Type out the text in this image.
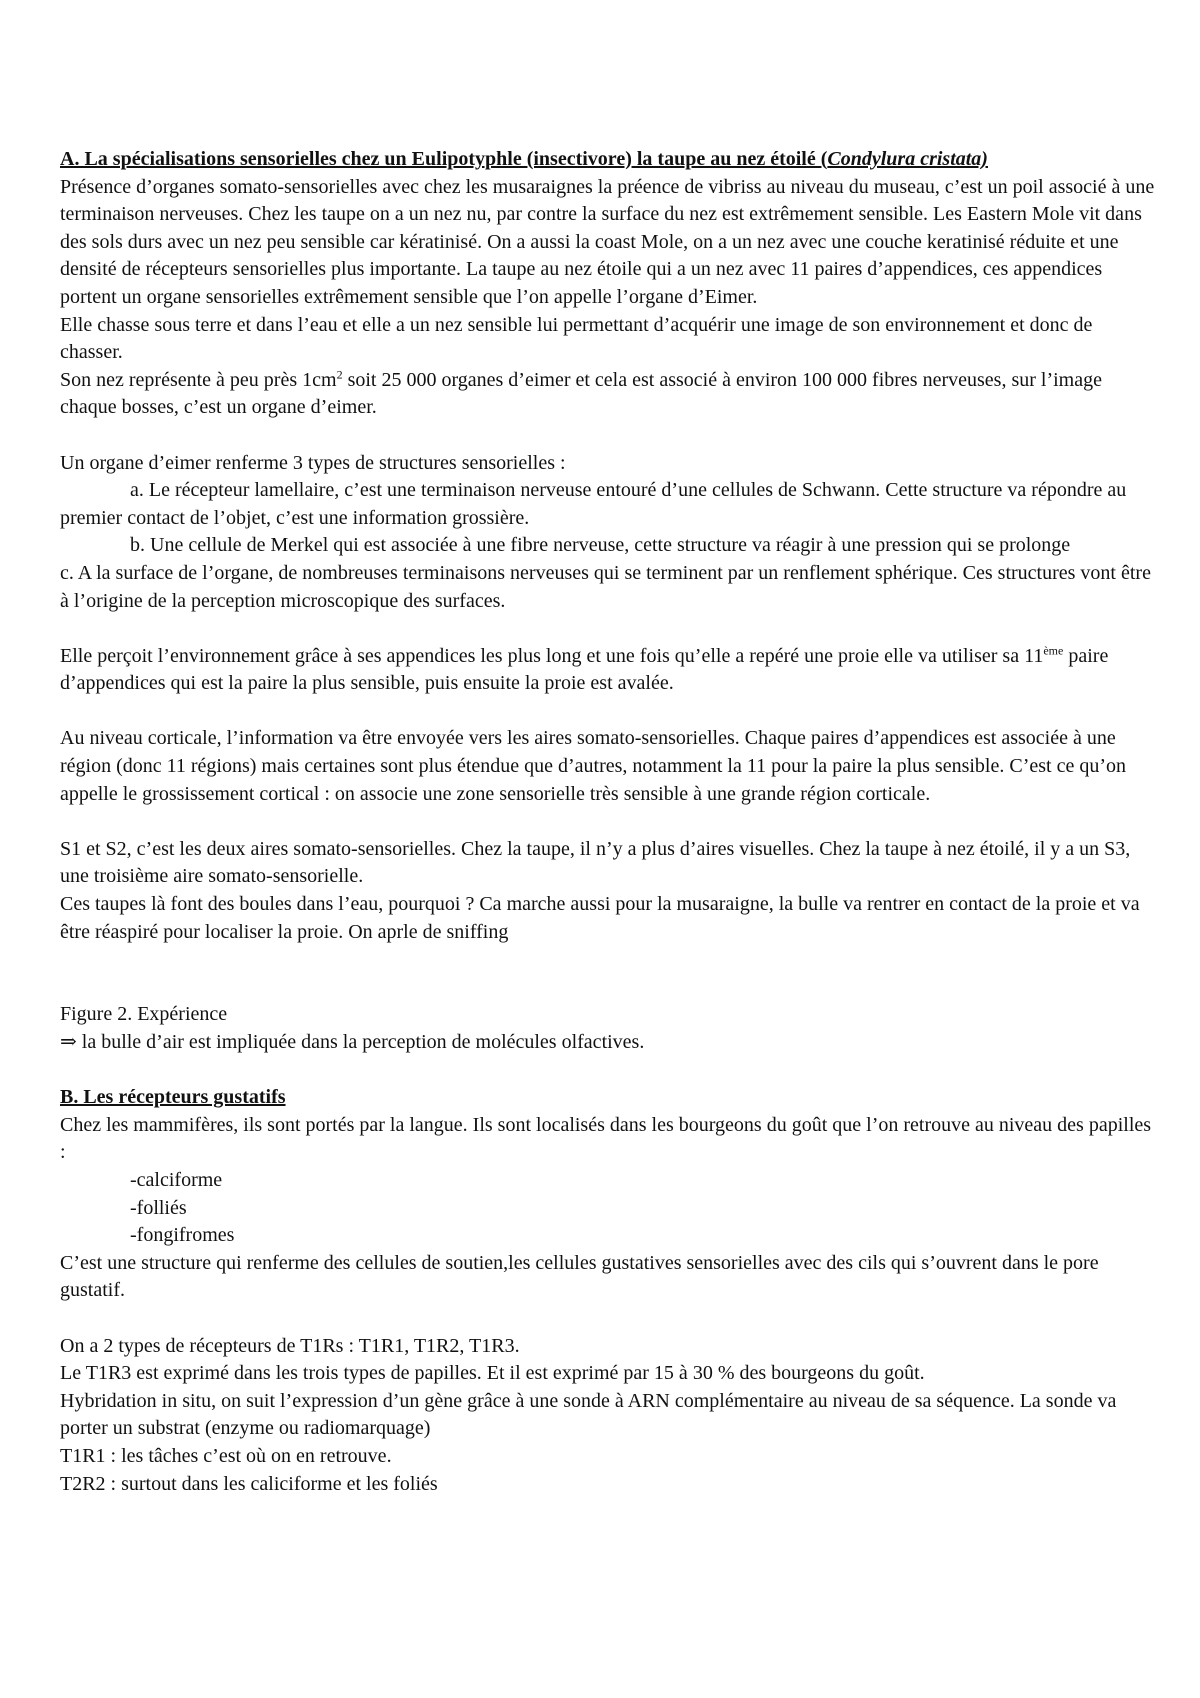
A. La spécialisations sensorielles chez un Eulipotyphle (insectivore) la taupe au nez étoilé (Condylura cristata)

Présence d’organes somato-sensorielles avec chez les musaraignes la préence de vibriss au niveau du museau, c’est un poil associé à une terminaison nerveuses. Chez les taupe on a un nez nu, par contre la surface du nez est extrêmement sensible. Les Eastern Mole vit dans des sols durs avec un nez peu sensible car kératinisé. On a aussi la coast Mole, on a un nez avec une couche keratinisé réduite et une densité de récepteurs sensorielles plus importante. La taupe au nez étoile qui a un nez avec 11 paires d’appendices, ces appendices portent un organe sensorielles extrêmement sensible que l’on appelle l’organe d’Eimer.

Elle chasse sous terre et dans l’eau et elle a un nez sensible lui permettant d’acquérir une image de son environnement et donc de chasser.

Son nez représente à peu près $1cm^2$ soit 25 000 organes d’eimer et cela est associé à environ 100 000 fibres nerveuses, sur l’image chaque bosses, c’est un organe d’eimer.

Un organe d’eimer renferme 3 types de structures sensorielles :

a. Le récepteur lamellaire, c’est une terminaison nerveuse entouré d’une cellules de Schwann. Cette structure va répondre au premier contact de l’objet, c’est une information grossière.

b. Une cellule de Merkel qui est associée à une fibre nerveuse, cette structure va réagir à une pression qui se prolonge

c. A la surface de l’organe, de nombreuses terminaisons nerveuses qui se terminent par un renflement sphérique. Ces structures vont être à l’origine de la perception microscopique des surfaces.

Elle perçoit l’environnement grâce à ses appendices les plus long et une fois qu’elle a repéré une proie elle va utiliser sa 11ème paire d’appendices qui est la paire la plus sensible, puis ensuite la proie est avalée.

Au niveau corticale, l’information va être envoyée vers les aires somato-sensorielles. Chaque paires d’appendices est associée à une région (donc 11 régions) mais certaines sont plus étendue que d’autres, notamment la 11 pour la paire la plus sensible. C’est ce qu’on appelle le grossissement cortical : on associe une zone sensorielle très sensible à une grande région corticale.

S1 et S2, c’est les deux aires somato-sensorielles. Chez la taupe, il n’y a plus d’aires visuelles. Chez la taupe à nez étoilé, il y a un S3, une troisième aire somato-sensorielle.

Ces taupes là font des boules dans l’eau, pourquoi ? Ca marche aussi pour la musaraigne, la bulle va rentrer en contact de la proie et va être réaspiré pour localiser la proie. On aprle de sniffing

Figure 2. Expérience

⇒ la bulle d’air est impliquée dans la perception de molécules olfactives.

B. Les récepteurs gustatifs

Chez les mammifères, ils sont portés par la langue. Ils sont localisés dans les bourgeons du goût que l’on retrouve au niveau des papilles :

-calciforme

-folliés

-fongifromes

C’est une structure qui renferme des cellules de soutien,les cellules gustatives sensorielles avec des cils qui s’ouvrent dans le pore gustatif.

On a 2 types de récepteurs de T1Rs : T1R1, T1R2, T1R3.

Le T1R3 est exprimé dans les trois types de papilles. Et il est exprimé par 15 à 30 % des bourgeons du goût.

Hybridation in situ, on suit l’expression d’un gène grâce à une sonde à ARN complémentaire au niveau de sa séquence. La sonde va porter un substrat (enzyme ou radiomarquage)

T1R1 : les tâches c’est où on en retrouve.

T2R2 : surtout dans les caliciforme et les foliés
